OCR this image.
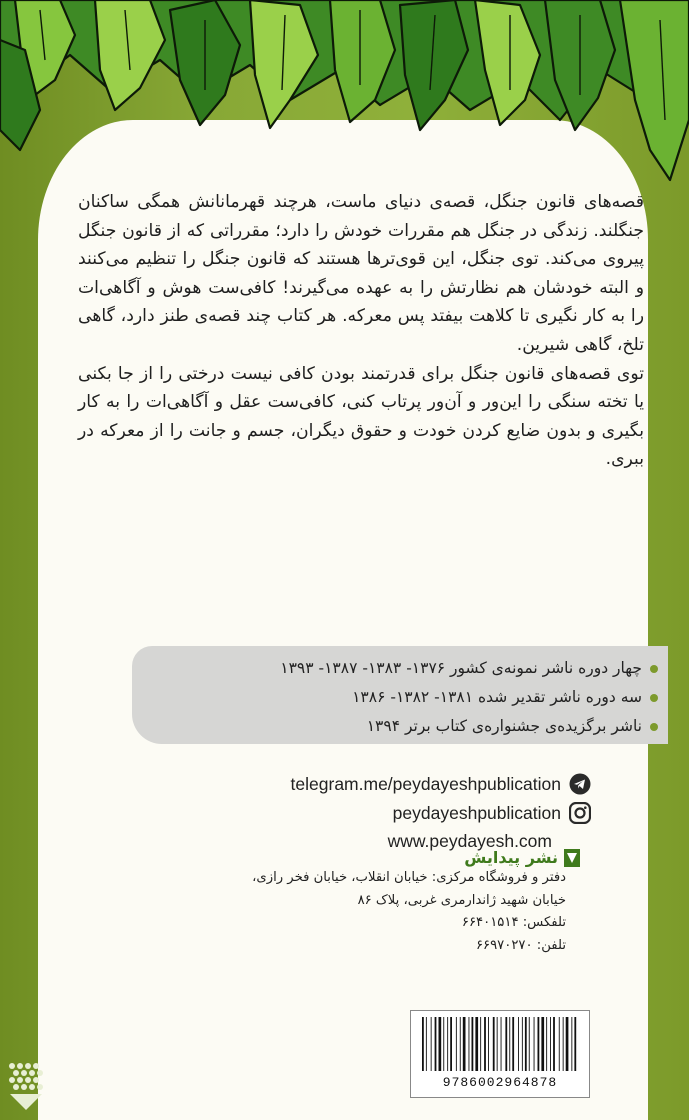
قصه‌های قانون جنگل، قصه‌ی دنیای ماست، هرچند قهرمانانش همگی ساکنان جنگلند. زندگی در جنگل هم مقررات خودش را دارد؛ مقرراتی که از قانون جنگل پیروی می‌کند. توی جنگل، این قوی‌ترها هستند که قانون جنگل را تنظیم می‌کنند و البته خودشان هم نظارتش را به عهده می‌گیرند! کافی‌ست هوش و آگاهی‌ات را به کار نگیری تا کلاهت بیفتد پس معرکه. هر کتاب چند قصه‌ی طنز دارد، گاهی تلخ، گاهی شیرین.

توی قصه‌های قانون جنگل برای قدرتمند بودن کافی نیست درختی را از جا بکنی یا تخته سنگی را این‌ور و آن‌ور پرتاب کنی، کافی‌ست عقل و آگاهی‌ات را به کار بگیری و بدون ضایع کردن خودت و حقوق دیگران، جسم و جانت را از معرکه در ببری.

چهار دوره ناشر نمونه‌ی کشور ۱۳۷۶- ۱۳۸۳- ۱۳۸۷- ۱۳۹۳
سه دوره ناشر تقدیر شده ۱۳۸۱- ۱۳۸۲- ۱۳۸۶
ناشر برگزیده‌ی جشنواره‌ی کتاب برتر ۱۳۹۴
telegram.me/peydayeshpublication
peydayeshpublication
www.peydayesh.com
نشر پیدایش
دفتر و فروشگاه مرکزی: خیابان انقلاب، خیابان فخر رازی،
خیابان شهید ژاندارمری غربی، پلاک ۸۶
تلفکس: ۶۶۴۰۱۵۱۴
تلفن: ۶۶۹۷۰۲۷۰
9786002964878
